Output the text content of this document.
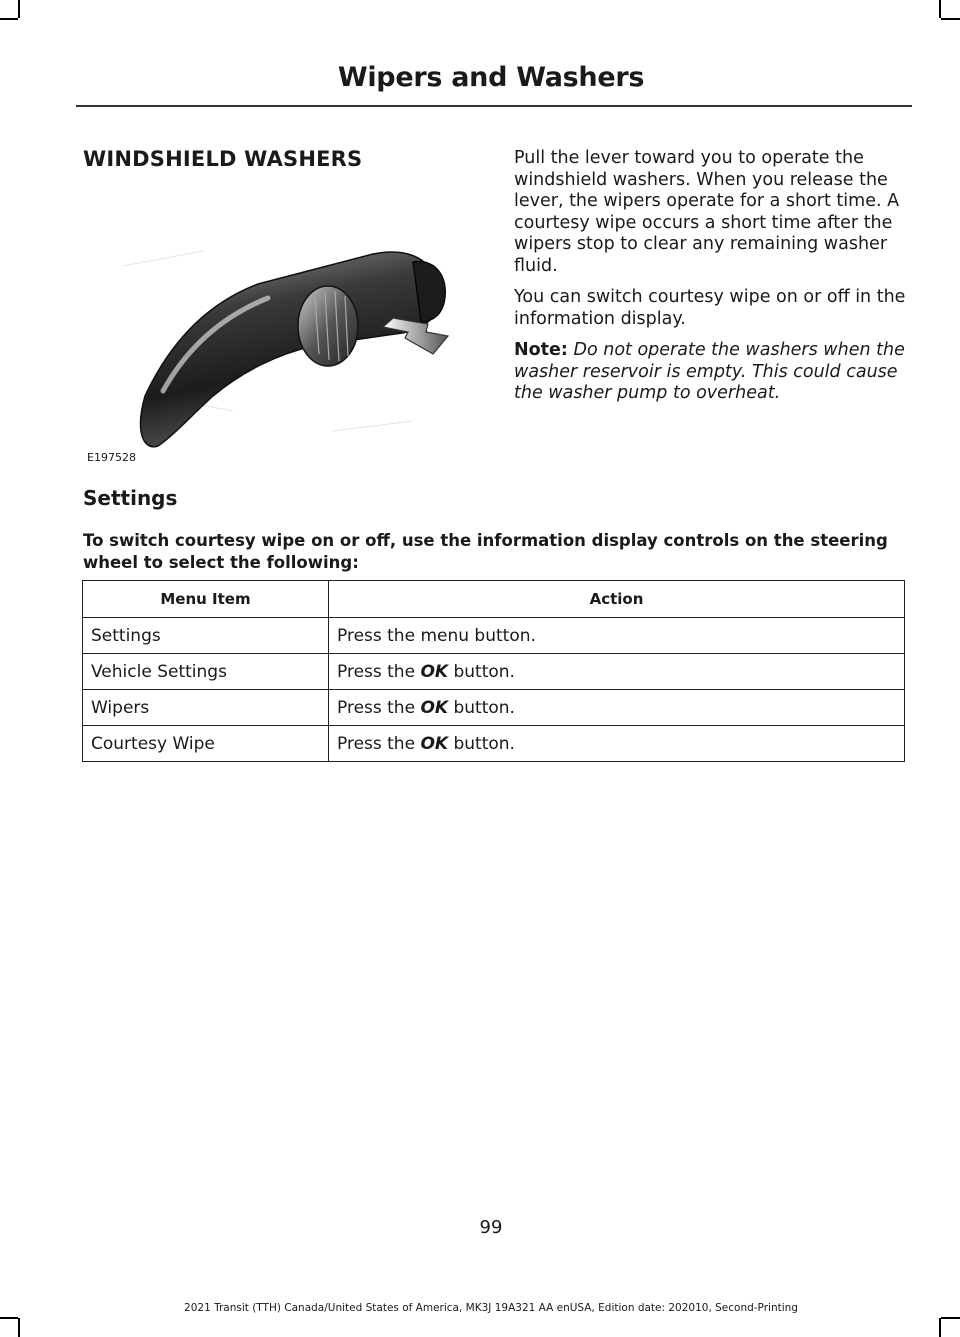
Wipers and Washers
WINDSHIELD WASHERS
E197528

Pull the lever toward you to operate the windshield washers. When you release the lever, the wipers operate for a short time. A courtesy wipe occurs a short time after the wipers stop to clear any remaining washer fluid.

You can switch courtesy wipe on or off in the information display.

Note: Do not operate the washers when the washer reservoir is empty. This could cause the washer pump to overheat.

Settings
To switch courtesy wipe on or off, use the information display controls on the steering wheel to select the following:
Menu Item	Action
Settings	Press the menu button.
Vehicle Settings	Press the OK button.
Wipers	Press the OK button.
Courtesy Wipe	Press the OK button.
99
2021 Transit (TTH) Canada/United States of America, MK3J 19A321 AA enUSA, Edition date: 202010, Second-Printing
